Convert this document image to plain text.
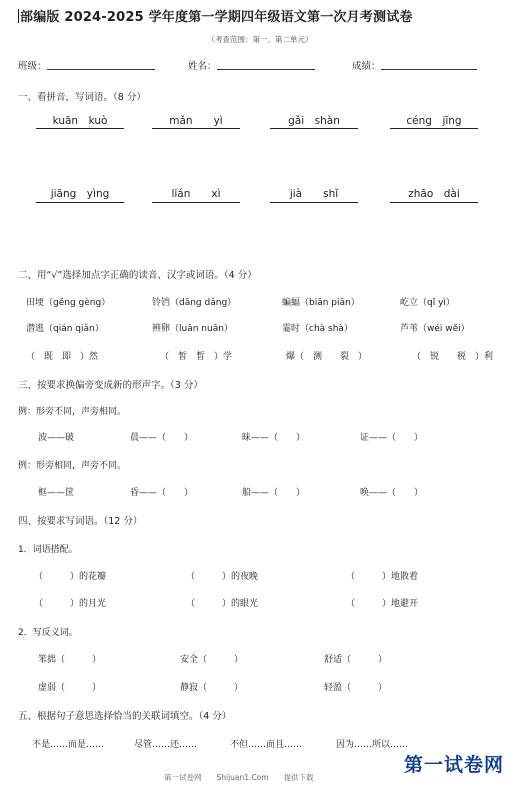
部编版 2024-2025 学年度第一学期四年级语文第一次月考测试卷
（考查范围：第一、第二单元）
班级：	姓名：	成绩：
一、看拼音，写词语。（8 分）
kuān　kuò	mǎn　　yì	gǎi　shàn	céng　jīng
jiāng　yìng	lián　　xì	jià　　shǐ	zhāo　dài
二、用“√”选择加点字正确的读音、汉字或词语。（4 分）
田埂（gěng gèng）	铃铛（dāng dǎng）	蝙蝠（biān piān）	屹立（qǐ yì）
潜逃（qián qiǎn）	辨卵（luǎn nuǎn）	霎时（chà shà）	芦苇（wéi wěi）
（　既　即　）然	（　皙　晳　）学	爆（　测　　裂　）	（　锐　　税　）利
三、按要求换偏旁变成新的形声字。（3 分）
例：形旁不同，声旁相同。
波——破	晨——（　　）	昧——（　　）	证——（　　）
例：形旁相同，声旁不同。
框——筐	昏——（　　）	船——（　　）	唤——（　　）
四、按要求写词语。（12 分）
1．词语搭配。
（　　　）的花瓣	（　　　）的夜晚	（　　　）地散着
（　　　）的月光	（　　　）的眼光	（　　　）地避开
2．写反义词。
笨拙（　　　）	安全（　　　）	舒适（　　　）
虚弱（　　　）	静寂（　　　）	轻盈（　　　）
五、根据句子意思选择恰当的关联词填空。（4 分）
不是……而是……	尽管……还……	不但……而且……	因为……所以……
第一试卷网　　Shijuan1.Com　　提供下载
第一试卷网
